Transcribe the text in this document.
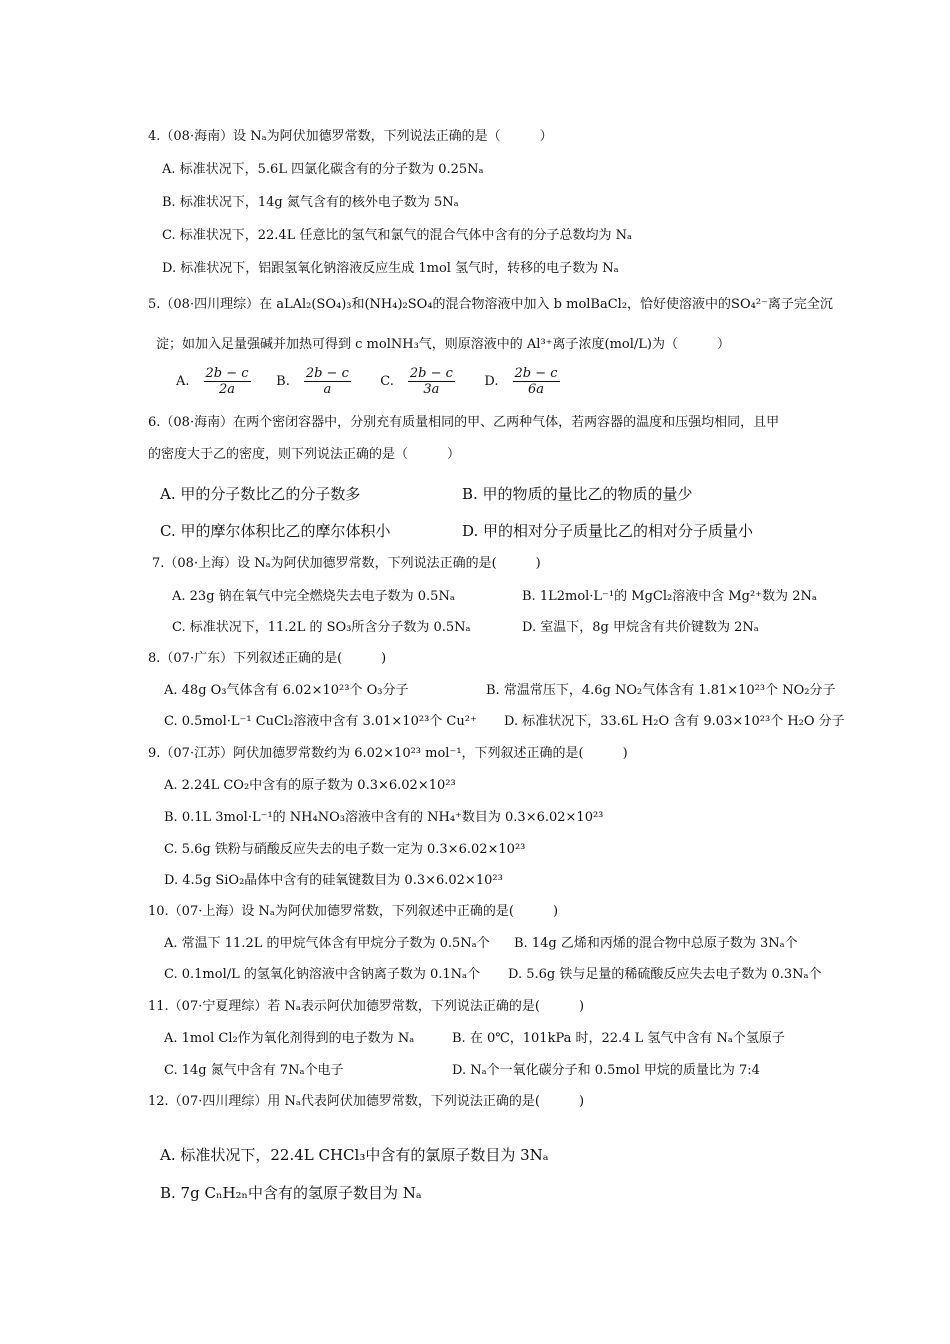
4.（08·海南）设 Nₐ为阿伏加德罗常数，下列说法正确的是（　　　）
A. 标准状况下，5.6L 四氯化碳含有的分子数为 0.25Nₐ
B. 标准状况下，14g 氮气含有的核外电子数为 5Nₐ
C. 标准状况下，22.4L 任意比的氢气和氯气的混合气体中含有的分子总数均为 Nₐ
D. 标准状况下，铝跟氢氧化钠溶液反应生成 1mol 氢气时，转移的电子数为 Nₐ
5.（08·四川理综）在 aLAl₂(SO₄)₃和(NH₄)₂SO₄的混合物溶液中加入 b molBaCl₂，恰好使溶液中的SO₄²⁻离子完全沉
淀；如加入足量强碱并加热可得到 c molNH₃气，则原溶液中的 Al³⁺离子浓度(mol/L)为（　　　）
A. $\frac{2b - c}{2a} B$. $\frac{2b - c}{a} C$. $\frac{2b - c}{3a} D$. $\frac{2b - c}{6a}$
6.（08·海南）在两个密闭容器中，分别充有质量相同的甲、乙两种气体，若两容器的温度和压强均相同，且甲
的密度大于乙的密度，则下列说法正确的是（　　　）
A. 甲的分子数比乙的分子数多	B. 甲的物质的量比乙的物质的量少
C. 甲的摩尔体积比乙的摩尔体积小	D. 甲的相对分子质量比乙的相对分子质量小
7.（08·上海）设 Nₐ为阿伏加德罗常数，下列说法正确的是(　　　)
A. 23g 钠在氧气中完全燃烧失去电子数为 0.5Nₐ	B. 1L2mol·L⁻¹的 MgCl₂溶液中含 Mg²⁺数为 2Nₐ
C. 标准状况下，11.2L 的 SO₃所含分子数为 0.5Nₐ	D. 室温下，8g 甲烷含有共价键数为 2Nₐ
8.（07·广东）下列叙述正确的是(　　　)
A. 48g O₃气体含有 6.02×10²³个 O₃分子	B. 常温常压下，4.6g NO₂气体含有 1.81×10²³个 NO₂分子
C. 0.5mol·L⁻¹ CuCl₂溶液中含有 3.01×10²³个 Cu²⁺ D. 标准状况下，33.6L H₂O 含有 9.03×10²³个 H₂O 分子
9.（07·江苏）阿伏加德罗常数约为 6.02×10²³ mol⁻¹，下列叙述正确的是(　　　)
A. 2.24L CO₂中含有的原子数为 0.3×6.02×10²³
B. 0.1L 3mol·L⁻¹的 NH₄NO₃溶液中含有的 NH₄⁺数目为 0.3×6.02×10²³
C. 5.6g 铁粉与硝酸反应失去的电子数一定为 0.3×6.02×10²³
D. 4.5g SiO₂晶体中含有的硅氧键数目为 0.3×6.02×10²³
10.（07·上海）设 Nₐ为阿伏加德罗常数，下列叙述中正确的是(　　　)
A. 常温下 11.2L 的甲烷气体含有甲烷分子数为 0.5Nₐ个 B. 14g 乙烯和丙烯的混合物中总原子数为 3Nₐ个
C. 0.1mol/L 的氢氧化钠溶液中含钠离子数为 0.1Nₐ个 D. 5.6g 铁与足量的稀硫酸反应失去电子数为 0.3Nₐ个
11.（07·宁夏理综）若 Nₐ表示阿伏加德罗常数，下列说法正确的是(　　　)
A. 1mol Cl₂作为氧化剂得到的电子数为 Nₐ	B. 在 0℃，101kPa 时，22.4 L 氢气中含有 Nₐ个氢原子
C. 14g 氮气中含有 7Nₐ个电子	D. Nₐ个一氧化碳分子和 0.5mol 甲烷的质量比为 7:4
12.（07·四川理综）用 Nₐ代表阿伏加德罗常数，下列说法正确的是(　　　)
A. 标准状况下，22.4L CHCl₃中含有的氯原子数目为 3Nₐ
B. 7g CₙH₂ₙ中含有的氢原子数目为 Nₐ
